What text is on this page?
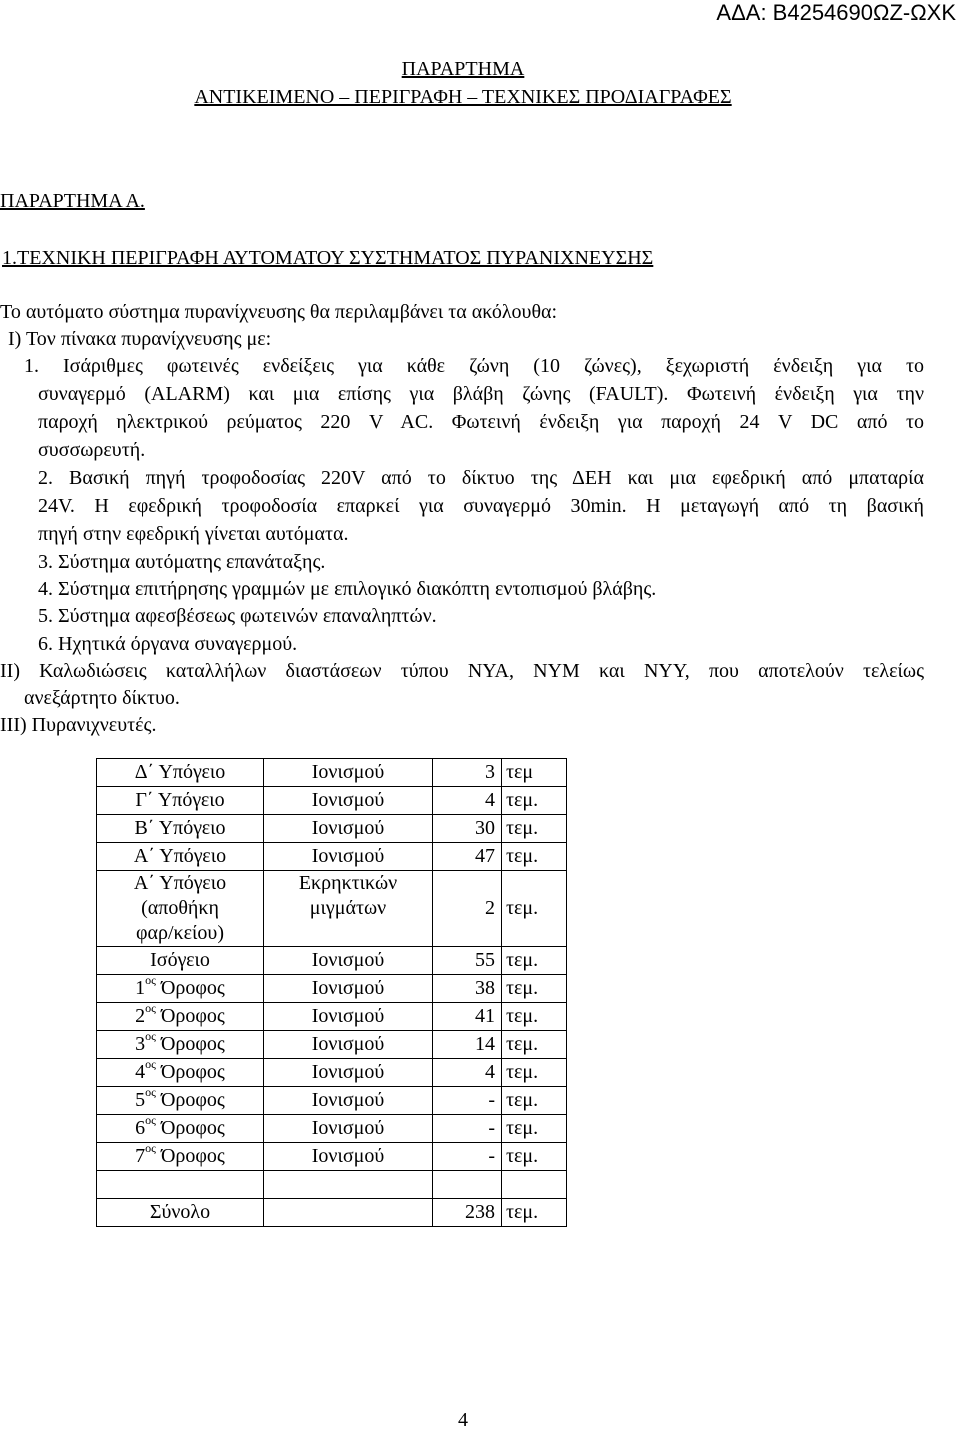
ΑΔΑ: Β4254690ΩΖ-ΩΧΚ
ΠΑΡΑΡΤΗΜΑ
ΑΝΤΙΚΕΙΜΕΝΟ – ΠΕΡΙΓΡΑΦΗ – ΤΕΧΝΙΚΕΣ ΠΡΟΔΙΑΓΡΑΦΕΣ
ΠΑΡΑΡΤΗΜΑ Α.
1.ΤΕΧΝΙΚΗ ΠΕΡΙΓΡΑΦΗ ΑΥΤΟΜΑΤΟΥ ΣΥΣΤΗΜΑΤΟΣ ΠΥΡΑΝΙΧΝΕΥΣΗΣ
Το αυτόματο σύστημα πυρανίχνευσης θα περιλαμβάνει τα ακόλουθα:
Ι) Τον πίνακα πυρανίχνευσης με:
1. Ισάριθμες φωτεινές ενδείξεις για κάθε ζώνη (10 ζώνες), ξεχωριστή ένδειξη για το
συναγερμό (ALARM) και μια επίσης για βλάβη ζώνης (FAULT). Φωτεινή ένδειξη για την
παροχή ηλεκτρικού ρεύματος 220 V AC. Φωτεινή ένδειξη για παροχή 24 V DC από το
συσσωρευτή.
2. Βασική πηγή τροφοδοσίας 220V από το δίκτυο της ΔΕΗ και μια εφεδρική από μπαταρία
24V. Η εφεδρική τροφοδοσία επαρκεί για συναγερμό 30min. Η μεταγωγή από τη βασική
πηγή στην εφεδρική γίνεται αυτόματα.
3. Σύστημα αυτόματης επανάταξης.
4. Σύστημα επιτήρησης γραμμών με επιλογικό διακόπτη εντοπισμού βλάβης.
5. Σύστημα αφεσβέσεως φωτεινών επαναληπτών.
6. Ηχητικά όργανα συναγερμού.
ΙΙ) Καλωδιώσεις καταλλήλων διαστάσεων τύπου NYA, NYM και NYY, που αποτελούν τελείως
ανεξάρτητο δίκτυο.
ΙΙΙ) Πυρανιχνευτές.
Δ΄ Υπόγειο	Ιονισμού	3	τεμ
Γ΄ Υπόγειο	Ιονισμού	4	τεμ.
Β΄ Υπόγειο	Ιονισμού	30	τεμ.
Α΄ Υπόγειο	Ιονισμού	47	τεμ.

Α΄ Υπόγειο
(αποθήκη
φαρ/κείου)	Εκρηκτικών
μιγμάτων	2	τεμ.
Ισόγειο	Ιονισμού	55	τεμ.
$1^{o\varsigma}$ Όροφος	Ιονισμού	38	τεμ.
$2^{o\varsigma}$ Όροφος	Ιονισμού	41	τεμ.
$3^{o\varsigma}$ Όροφος	Ιονισμού	14	τεμ.
$4^{o\varsigma}$ Όροφος	Ιονισμού	4	τεμ.
$5^{o\varsigma}$ Όροφος	Ιονισμού	-	τεμ.
$6^{o\varsigma}$ Όροφος	Ιονισμού	-	τεμ.
$7^{o\varsigma}$ Όροφος	Ιονισμού	-	τεμ.

Σύνολο		238	τεμ.
4
